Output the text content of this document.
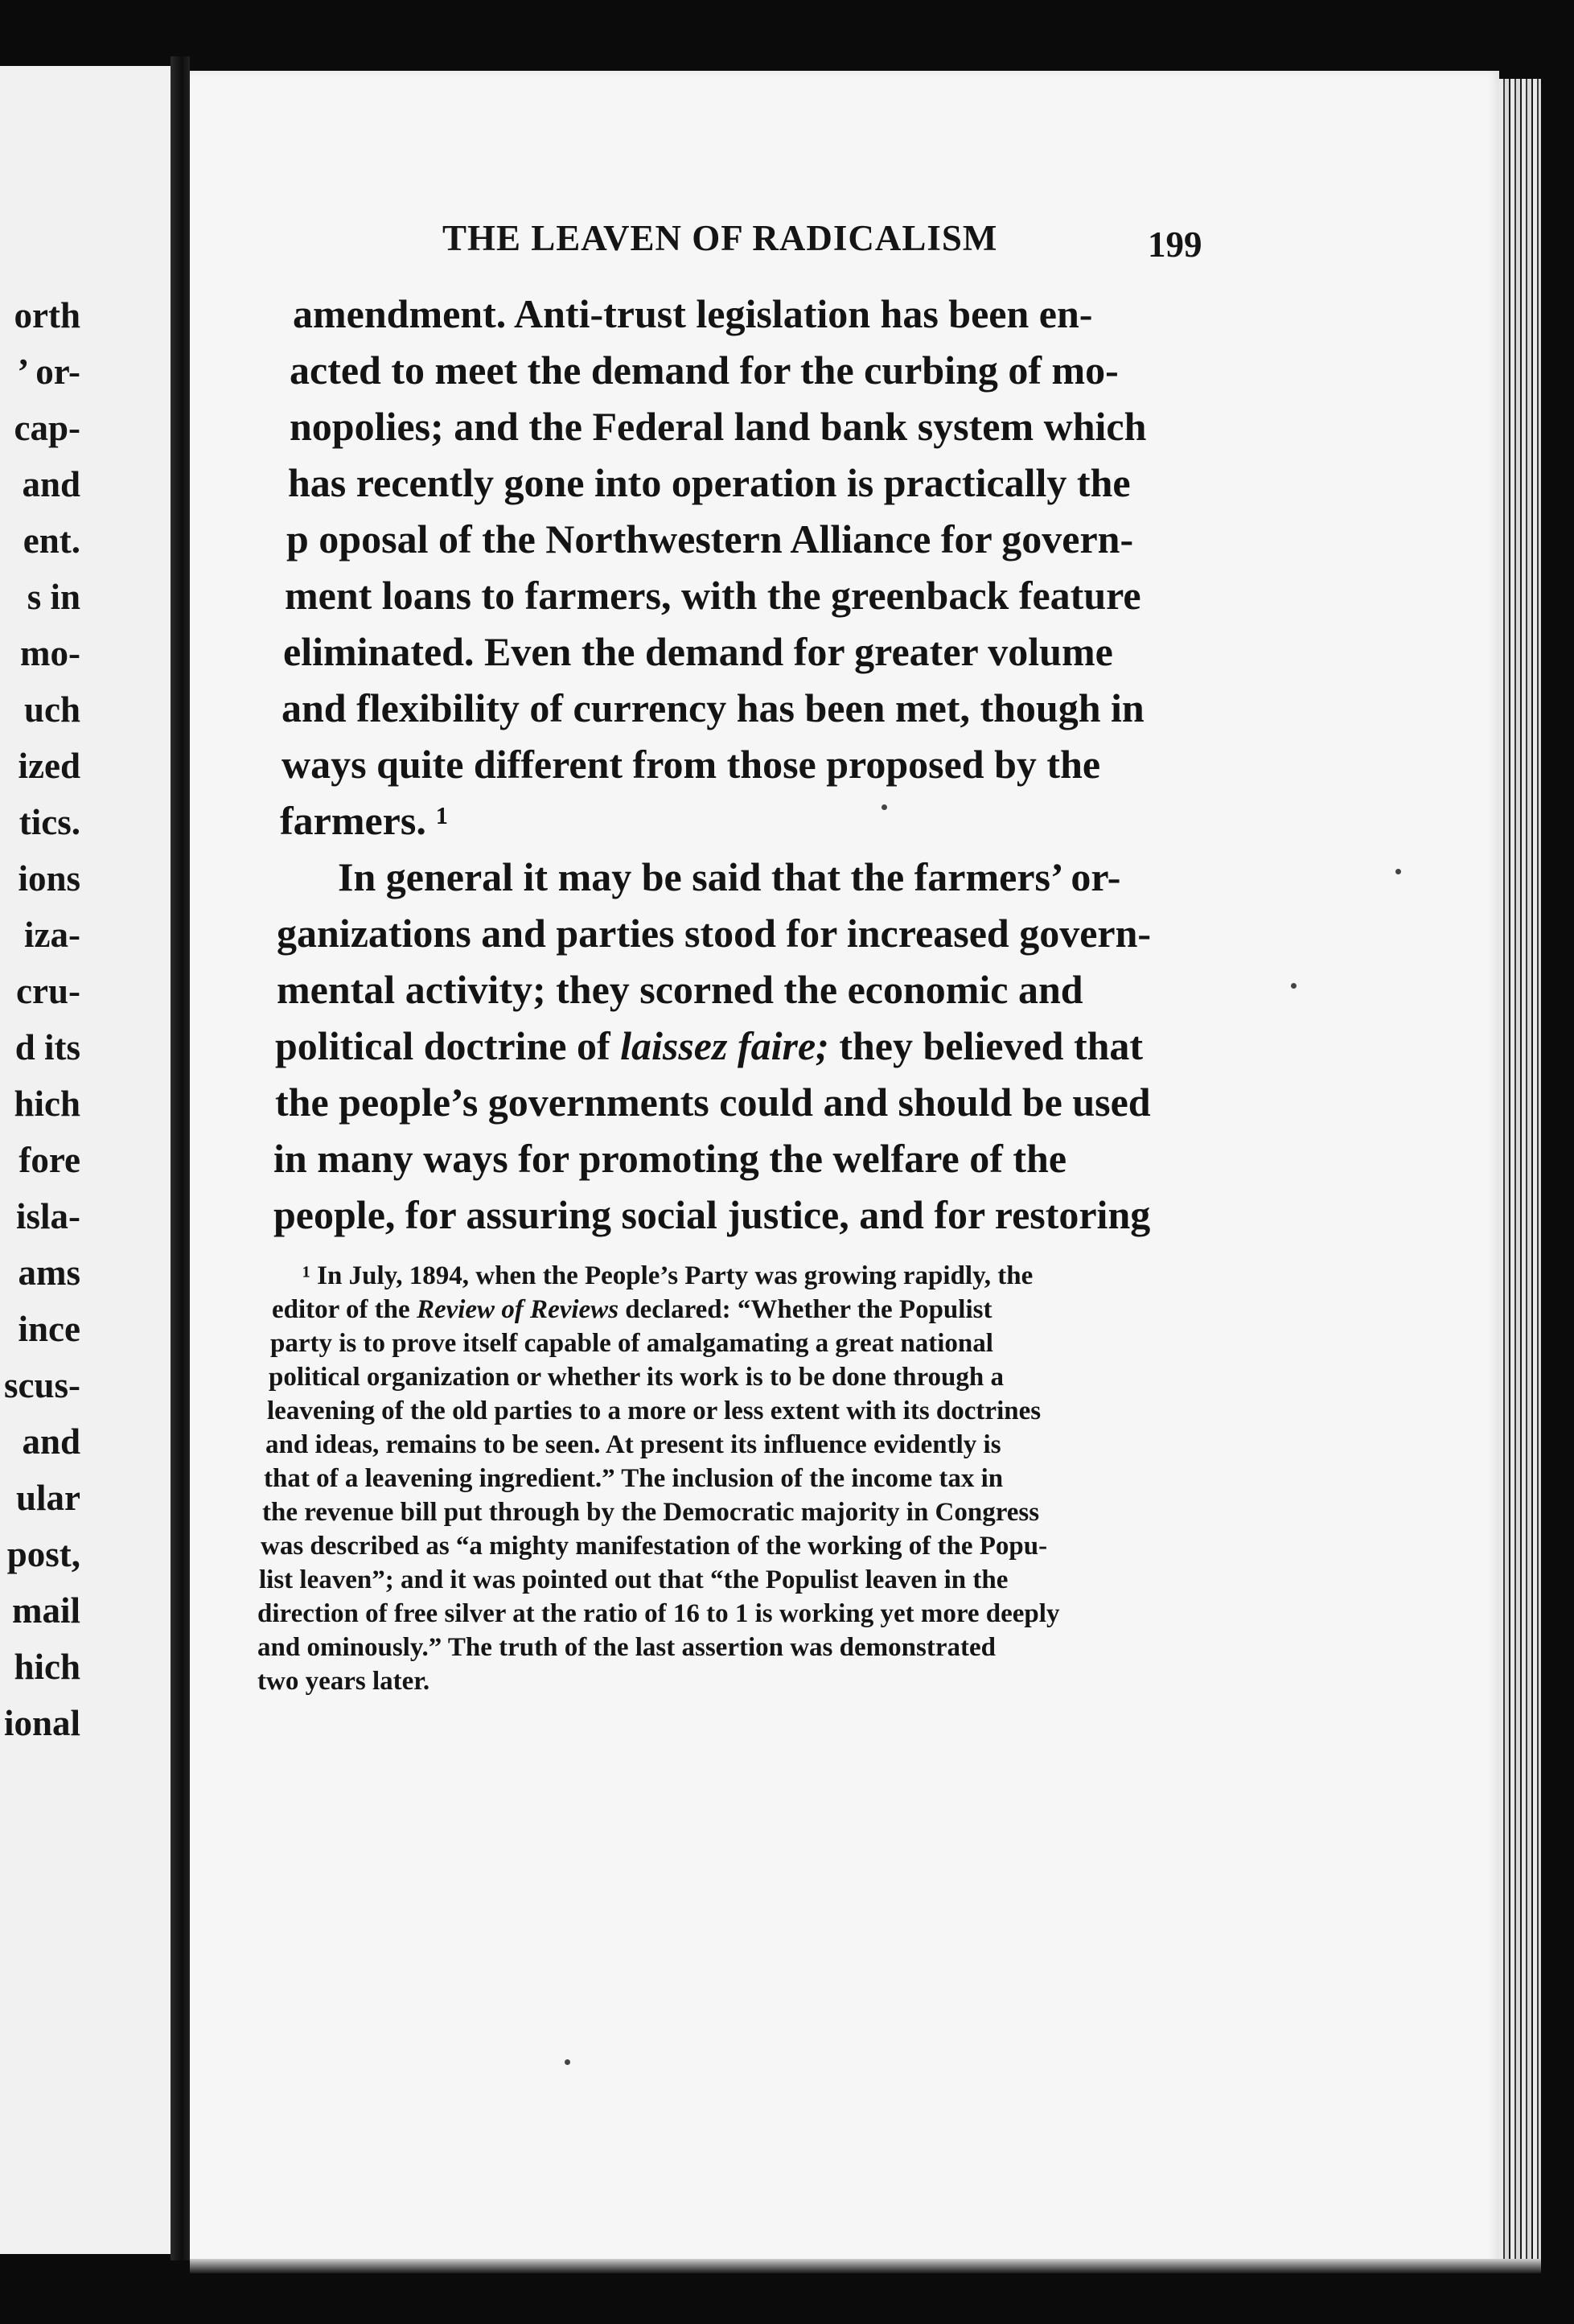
orth
’ or-
cap-
and
ent.
s in
mo-
uch
ized
tics.
ions
iza-
cru-
d its
hich
fore
isla-
ams
ince
scus-
and
ular
post,
mail
hich
ional
THE LEAVEN OF RADICALISM	199
amendment. Anti-trust legislation has been en-
acted to meet the demand for the curbing of mo-
nopolies; and the Federal land bank system which
has recently gone into operation is practically the
p oposal of the Northwestern Alliance for govern-
ment loans to farmers, with the greenback feature
eliminated. Even the demand for greater volume
and flexibility of currency has been met, though in
ways quite different from those proposed by the
farmers. ¹
In general it may be said that the farmers’ or-
ganizations and parties stood for increased govern-
mental activity; they scorned the economic and
political doctrine of laissez faire; they believed that
the people’s governments could and should be used
in many ways for promoting the welfare of the
people, for assuring social justice, and for restoring
¹ In July, 1894, when the People’s Party was growing rapidly, the
editor of the Review of Reviews declared: “Whether the Populist
party is to prove itself capable of amalgamating a great national
political organization or whether its work is to be done through a
leavening of the old parties to a more or less extent with its doctrines
and ideas, remains to be seen. At present its influence evidently is
that of a leavening ingredient.” The inclusion of the income tax in
the revenue bill put through by the Democratic majority in Congress
was described as “a mighty manifestation of the working of the Popu-
list leaven”; and it was pointed out that “the Populist leaven in the
direction of free silver at the ratio of 16 to 1 is working yet more deeply
and ominously.” The truth of the last assertion was demonstrated
two years later.
